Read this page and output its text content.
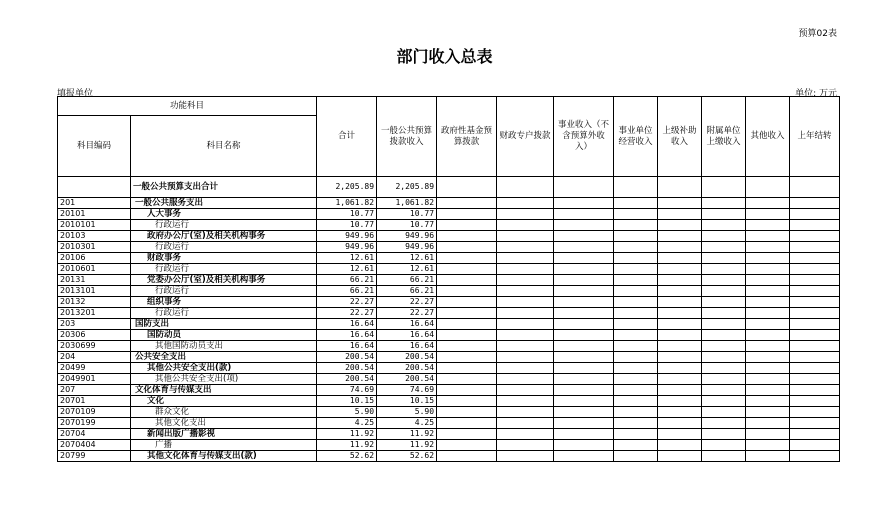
预算02表
部门收入总表
填报单位	单位: 万元
功能科目		合计	一般公共预算拨款收入	政府性基金预算拨款	财政专户拨款	事业收入（不含预算外收入）	事业单位经营收入	上级补助收入	附属单位上缴收入	其他收入	上年结转
科目编码	科目名称										
	一般公共预算支出合计	2,205.89	2,205.89								
201	一般公共服务支出	1,061.82	1,061.82								
20101	人大事务	10.77	10.77								
2010101	行政运行	10.77	10.77								
20103	政府办公厅(室)及相关机构事务	949.96	949.96								
2010301	行政运行	949.96	949.96								
20106	财政事务	12.61	12.61								
2010601	行政运行	12.61	12.61								
20131	党委办公厅(室)及相关机构事务	66.21	66.21								
2013101	行政运行	66.21	66.21								
20132	组织事务	22.27	22.27								
2013201	行政运行	22.27	22.27								
203	国防支出	16.64	16.64								
20306	国防动员	16.64	16.64								
2030699	其他国防动员支出	16.64	16.64								
204	公共安全支出	200.54	200.54								
20499	其他公共安全支出(款)	200.54	200.54								
2049901	其他公共安全支出(项)	200.54	200.54								
207	文化体育与传媒支出	74.69	74.69								
20701	文化	10.15	10.15								
2070109	群众文化	5.90	5.90								
2070199	其他文化支出	4.25	4.25								
20704	新闻出版广播影视	11.92	11.92								
2070404	广播	11.92	11.92								
20799	其他文化体育与传媒支出(款)	52.62	52.62								
